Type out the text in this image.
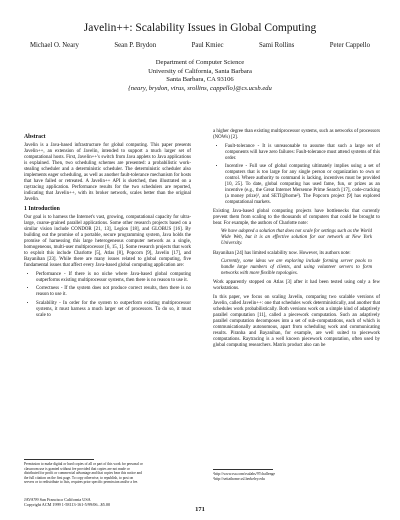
Javelin++: Scalability Issues in Global Computing
Michael O. Neary	Sean P. Brydon	Paul Kmiec	Sami Rollins	Peter Cappello
Department of Computer Science
University of California, Santa Barbara
Santa Barbara, CA 93106
{neary, brydon, virus, srollins, cappello}@cs.ucsb.edu
Abstract

Javelin is a Java-based infrastructure for global computing. This paper presents Javelin++, an extension of Javelin, intended to support a much larger set of computational hosts. First, Javelin++'s switch from Java applets to Java applications is explained. Then, two scheduling schemes are presented: a probabilistic work-stealing scheduler and a deterministic scheduler. The deterministic scheduler also implements eager scheduling, as well as another fault-tolerance mechanism for hosts that have failed or retreated. A Javelin++ API is sketched, then illustrated on a raytracing application. Performance results for the two schedulers are reported, indicating that Javelin++, with its broker network, scales better than the original Javelin.

1 Introduction

Our goal is to harness the Internet's vast, growing, computational capacity for ultra-large, coarse-grained parallel applications. Some other research projects based on a similar vision include CONDOR [21, 13], Legion [18], and GLOBUS [16]. By building out the promise of a portable, secure programming system, Java holds the promise of harnessing this large heterogeneous computer network as a single, homogeneous, multi-user multiprocessor [6, 15, 1]. Some research projects that work to exploit this include Charlotte [5], Atlas [8], Popcorn [9], Javelin [17], and Bayanihan [23]. While there are many issues related to global computing, five fundamental issues that affect every Java-based global computing application are:

• Performance - If there is no niche where Java-based global computing outperforms existing multiprocessor systems, then there is no reason to use it.
• Correctness - If the system does not produce correct results, then there is no reason to use it.
• Scalability - In order for the system to outperform existing multiprocessor systems, it must harness a much larger set of processors. To do so, it must scale to
Permission to make digital or hard copies of all or part of this work for personal or classroom use is granted without fee provided that copies are not made or distributed for profit or commercial advantage and that copies bear this notice and the full citation on the first page. To copy otherwise, to republish, to post on servers or to redistribute to lists, requires prior specific permission and/or a fee.
JAVA'99 San Francisco California USA
Copyright ACM 1999 1-58113-161-5/99/06...$5.00

a higher degree than existing multiprocessor systems, such as networks of processors (NOWs) [2].

• Fault-tolerance - It is unreasonable to assume that such a large set of components will have zero failures: Fault-tolerance must attend systems of this order.
• Incentive - Full use of global computing ultimately implies using a set of computers that is too large for any single person or organization to own or control. Where authority to command is lacking, incentives must be provided [10, 25]. To date, global computing has used fame, fun, or prizes as an incentive (e.g., the Great Internet Mersenne Prime Search [17], code-cracking (a money prize)¹, and SETI@home²). The Popcorn project [9] has explored computational markets.

Existing Java-based global computing projects have bottlenecks that currently prevent them from scaling to the thousands of computers that could be brought to bear. For example, the authors of Charlotte note:

We have adopted a solution that does not scale for settings such as the World Wide Web, but it is an effective solution for our network at New York University.

Bayanihan [24] has limited scalability now. However, its authors note:

Currently, some ideas we are exploring include forming server pools to handle large numbers of clients, and using volunteer servers to form networks with more flexible topologies.

Work apparently stopped on Atlas [3] after it had been tested using only a few workstations.

In this paper, we focus on scaling Javelin, comparing two scalable versions of Javelin, called Javelin++: one that schedules work deterministically, and another that schedules work probabilistically. Both versions work on a simple kind of adaptively parallel computation [11], called a piecework computation. Such an adaptively parallel computation decomposes into a set of sub-computations, each of which is communicationally autonomous, apart from scheduling work and communicating results. Piranha and Bayanihan, for example, are well suited to piecework computations. Raytracing is a well known piecework computation, often used by global computing researchers. Matrix product also can be

¹http://www.rsa.com/rsalabs/97challenge
²http://setiathome.ssl.berkeley.edu
171
